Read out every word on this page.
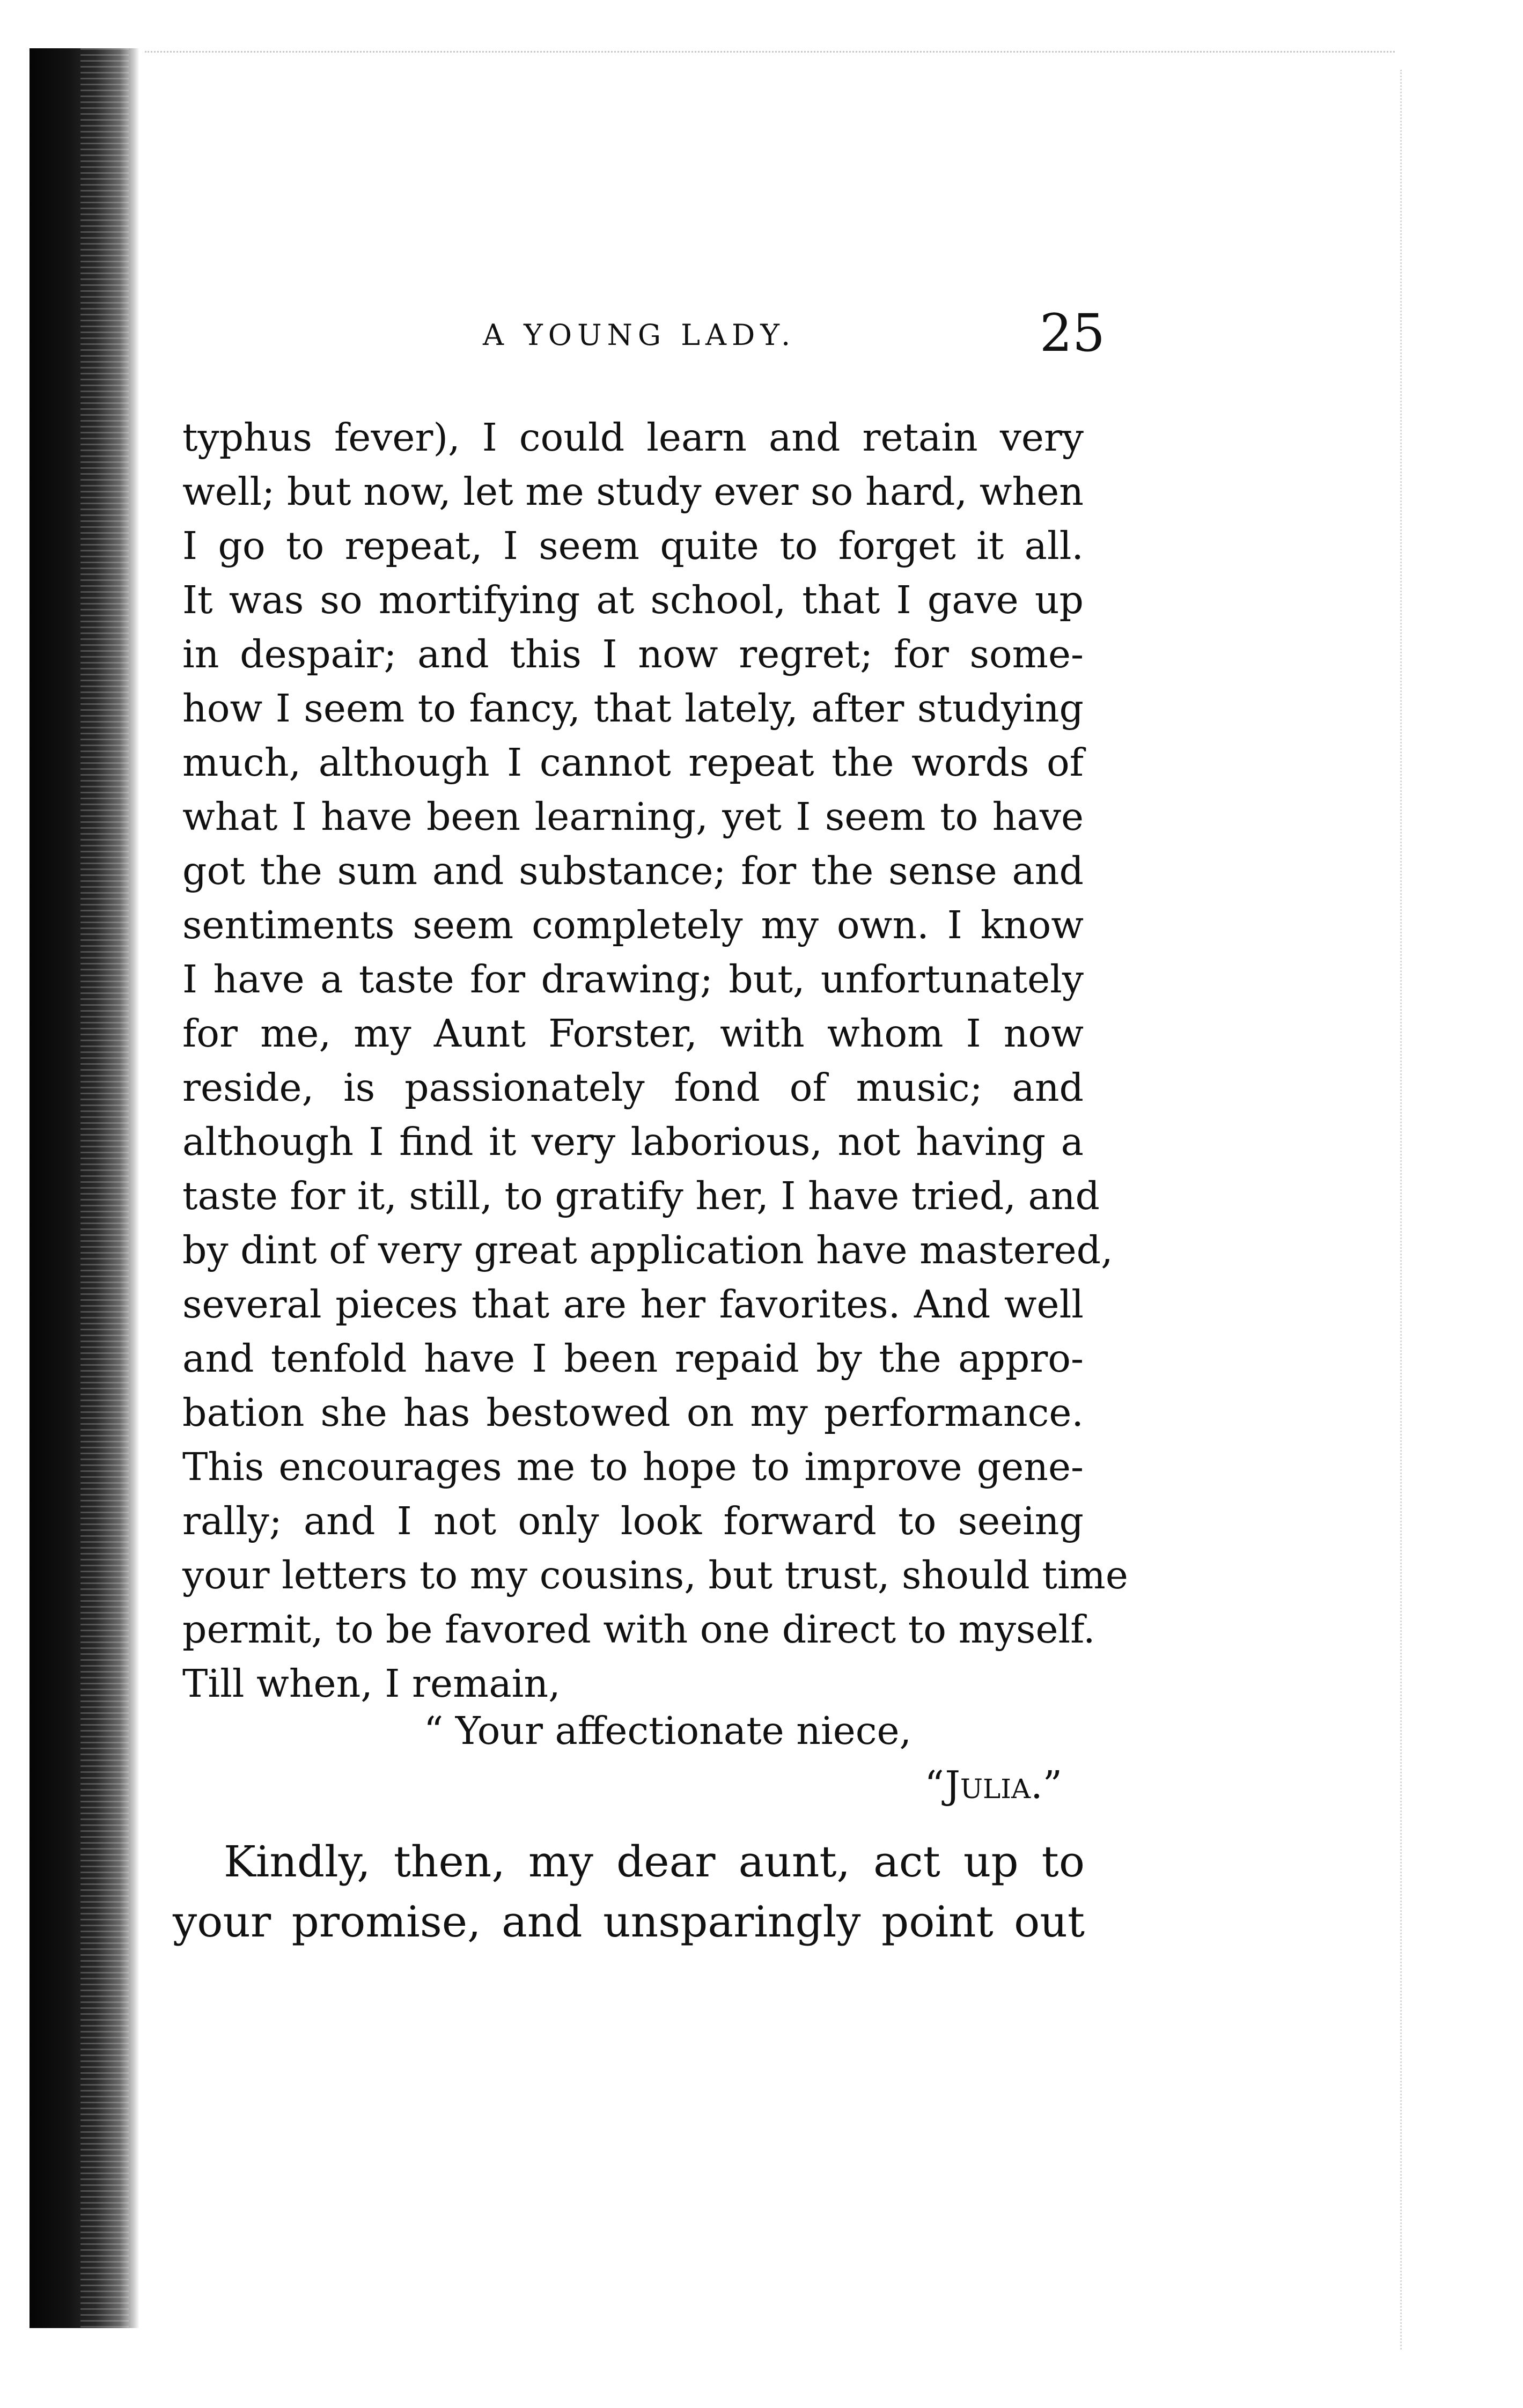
A YOUNG LADY.	25
typhus fever), I could learn and retain very
well; but now, let me study ever so hard, when
I go to repeat, I seem quite to forget it all.
It was so mortifying at school, that I gave up
in despair; and this I now regret; for some-
how I seem to fancy, that lately, after studying
much, although I cannot repeat the words of
what I have been learning, yet I seem to have
got the sum and substance; for the sense and
sentiments seem completely my own. I know
I have a taste for drawing; but, unfortunately
for me, my Aunt Forster, with whom I now
reside, is passionately fond of music; and
although I find it very laborious, not having a
taste for it, still, to gratify her, I have tried, and
by dint of very great application have mastered,
several pieces that are her favorites. And well
and tenfold have I been repaid by the appro-
bation she has bestowed on my performance.
This encourages me to hope to improve gene-
rally; and I not only look forward to seeing
your letters to my cousins, but trust, should time
permit, to be favored with one direct to myself.
Till when, I remain,
“ Your affectionate niece,
“Julia.”
Kindly, then, my dear aunt, act up to
your promise, and unsparingly point out
